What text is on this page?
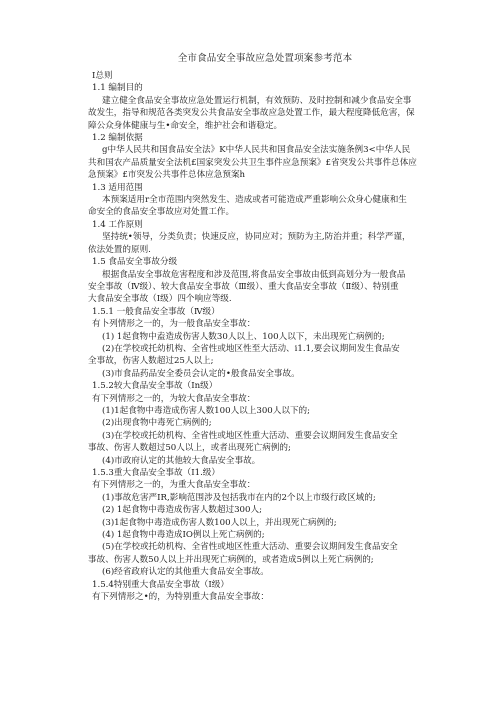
全市食品安全事故应急处置项案参考范本

Ⅰ总则

1.1 编制目的

建立健全食品安全事故应急处置运行机制，有效预防、及时控制和减少食品安全事

故发生，指导和规范各类突发公共食品安全事故应急处置工作，最大程度降低危害，保

障公众身体健康与生•命安全，维护社会和谐稳定。

1.2 编制依据

g中华人民共和国食品安全法》K中华人民共和国食品安全法实施条例3<中华人民

共和国农产品质量安全法机£国家突发公共卫生事件应急预案》£省突发公共事件总体应

急预案》£市突发公共事件总体应急预案h

1.3 适用范围

本预案适用r全市范围内突然发生、造成或者可能造成严重影响公众身心健康和生

命安全的食品安全事故应对处置工作。

1.4 工作原则

坚持统•领导，分类负责；快速反应，协同应对；预防为主,防治并重；科学严谨，

依法处置的原则.

1.5 食品安全事故分级

根据食品安全事故危害程度和涉及范围,将食品安全事故由低到高划分为一般食品

安全事故（Ⅳ级）、较大食品安全事故（Ⅲ级）、重大食品安全事故（Ⅱ级）、特别重

大食品安全事故（Ⅰ级）四个响应等级.

1.5.1 一般食品安全事故（Ⅳ级）

有卜列情形之一的，为一般食品安全事故：

(1) 1起食物中盍造成伤害人数30人以上、100人以下，未出现死亡病例的;

(2)在学校或托幼机构、全省性或地区性至大活动、i1.1,要会议期间发生食品安

全事故，伤害人数超过25人以上;

(3)市食品药品安全委员会认定的•般食品安全事故。

1.5.2较大食品安全事故（In级）

有下列情形之一的，为较大食品安全事故：

(1)1起食物中毒造成伤害人数100人以上300人以下的;

(2)出现食物中毒死亡病例的;

(3)在学校或托幼机构、全省性或地区性重大活动、重要会议期间发生食品安全

事故、伤害人数超过50人以上，或者出现死亡病例的;

(4)市政府认定的其他较大食品安全事故。

1.5.3重大食品安全事故（I1.级）

有下列情形之一的，为重大食品安全事故：

(1)事故危害严IR,影响范围涉及包括我市在内的2个以上市级行政区域的;

(2) 1起食物中毒造成伤害人数超过300人;

(3)1起食物中毒造成伤害人数100人以上，并出现死亡病例的;

(4) 1起食物中毒造成IO例以上死亡病例的;

(5)在学校或托幼机构、全省性或地区性重大活动、重要会议期间发生食品安全

事故、伤害人数50人以上并出现死亡病例的，或者造成5例以上死亡病例的;

(6)经省政府认定的其他重大食品安全事故。

1.5.4特别重大食品安全事故（I级）

有下列情形之•的，为特别重大食品安全事故：
